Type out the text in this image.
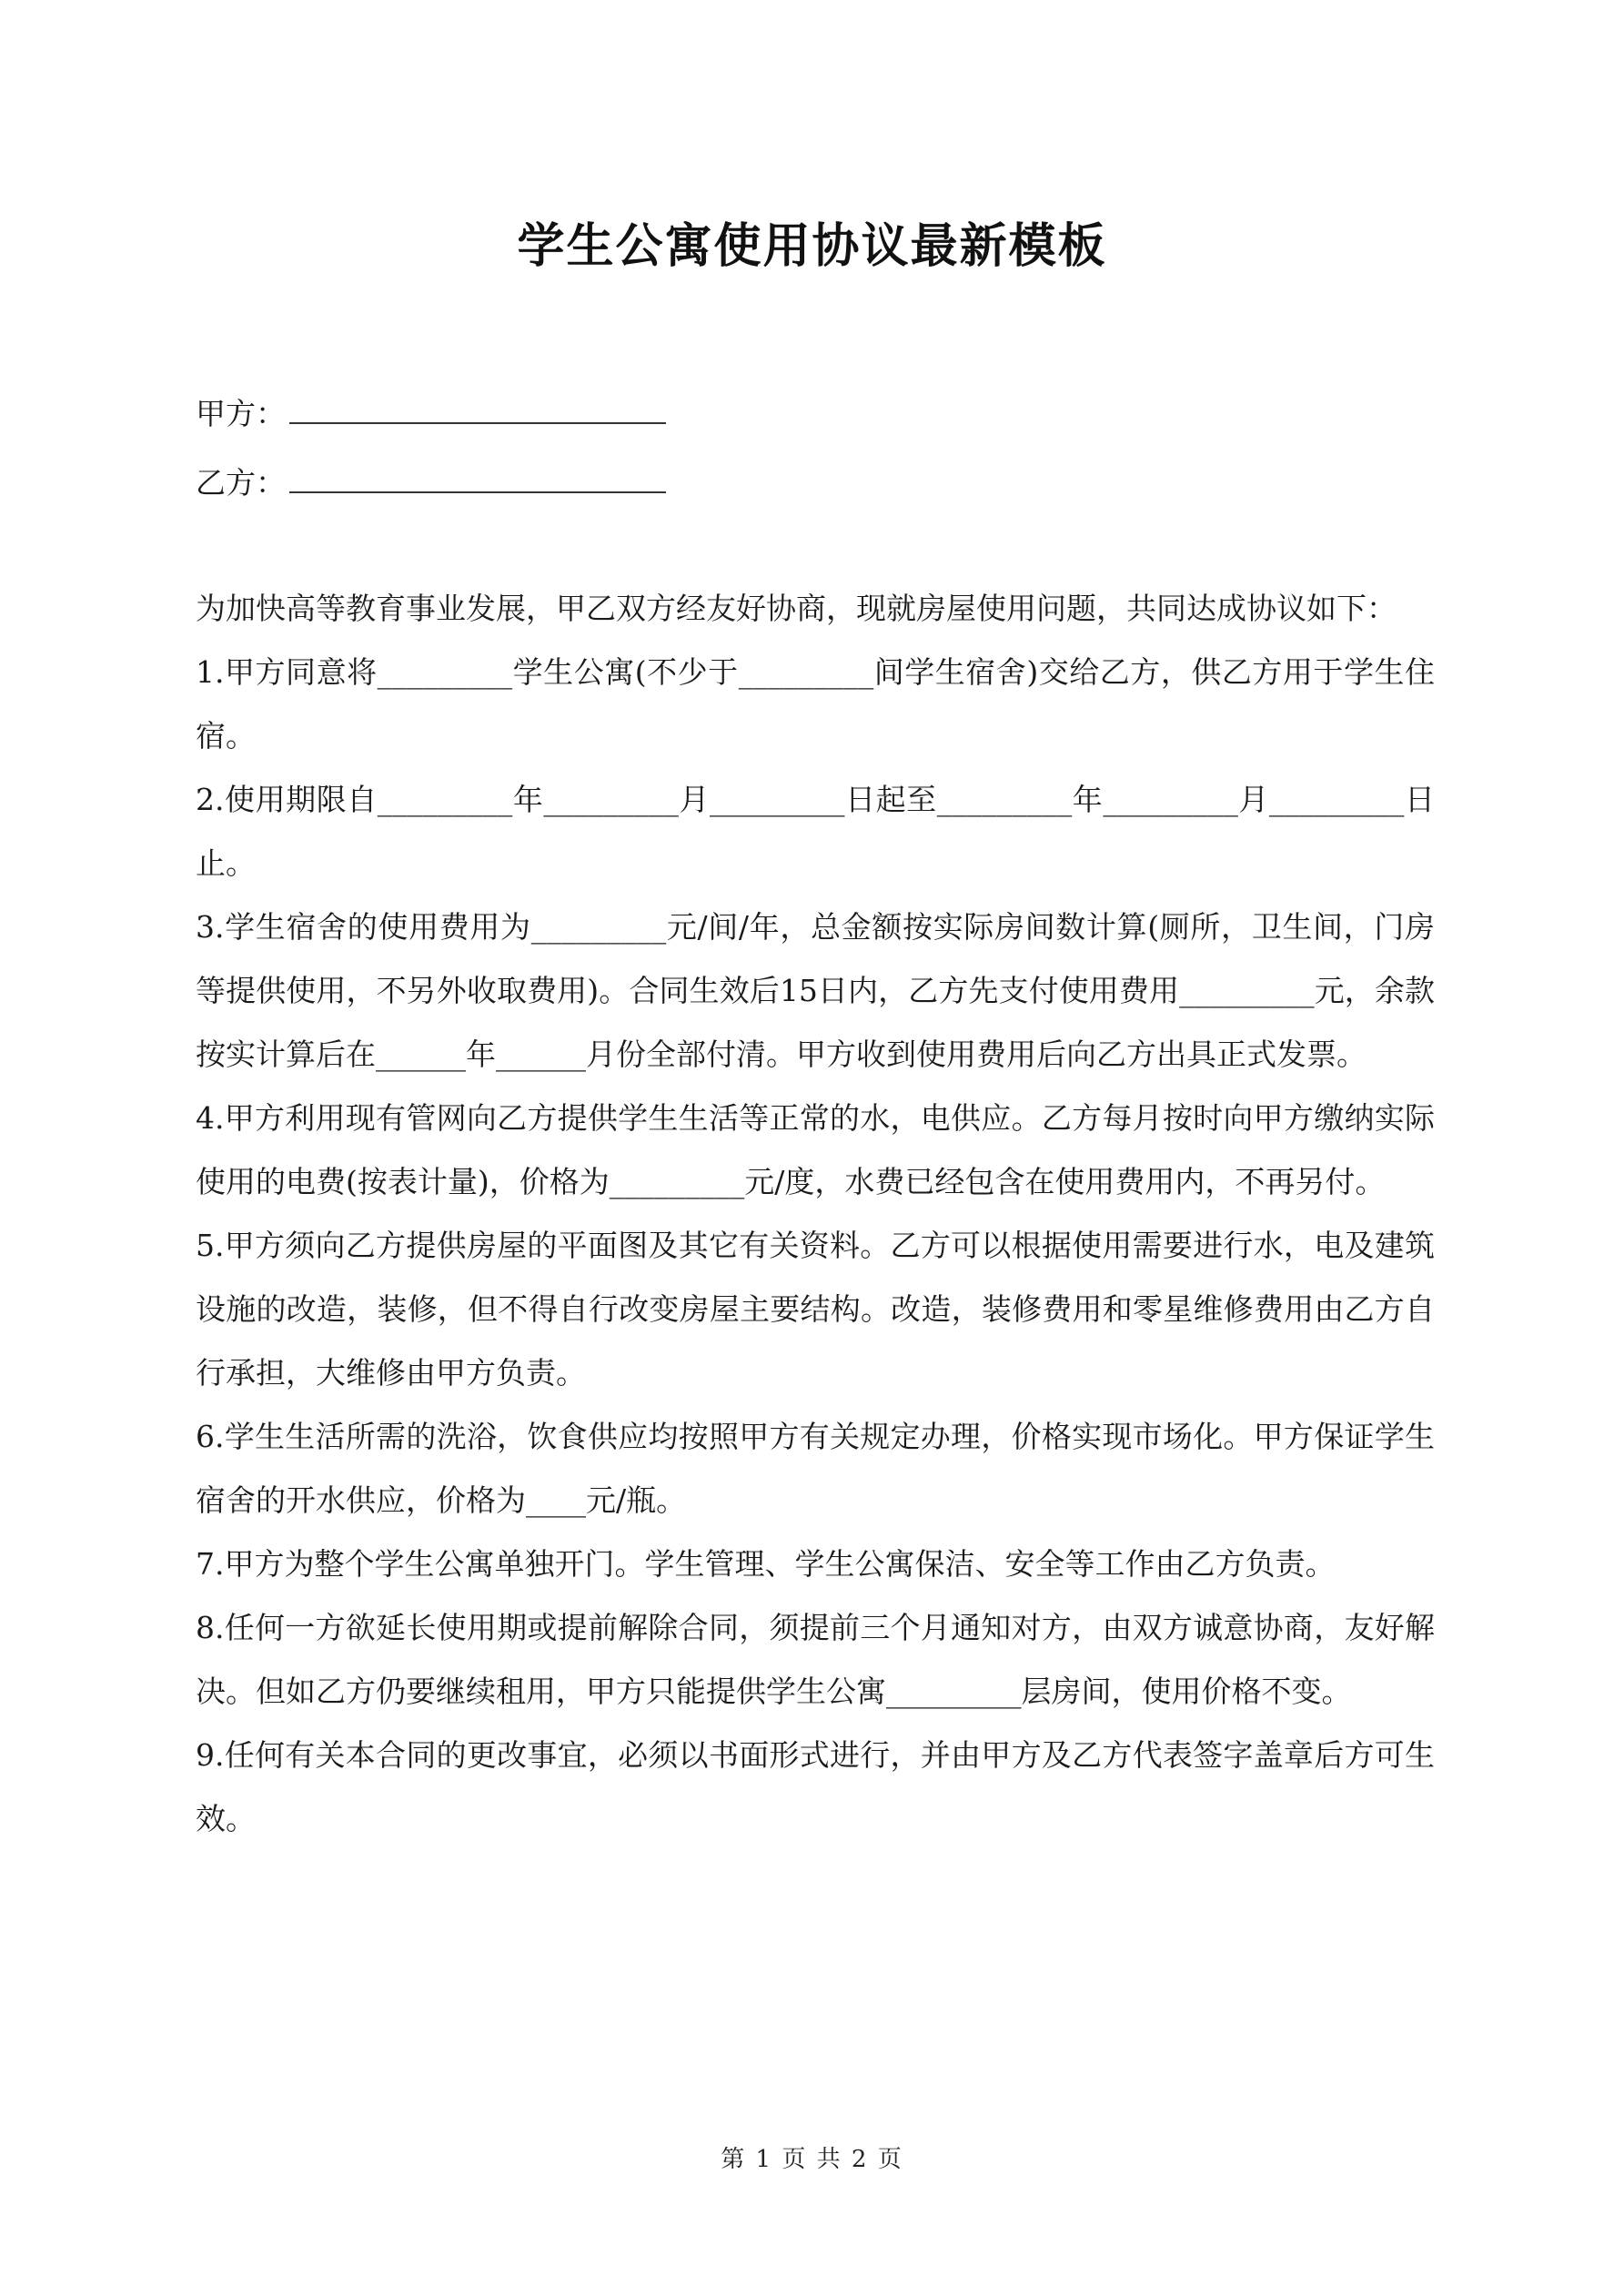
学生公寓使用协议最新模板
甲方：
乙方：

为加快高等教育事业发展，甲乙双方经友好协商，现就房屋使用问题，共同达成协议如下：

1.甲方同意将_________学生公寓(不少于_________间学生宿舍)交给乙方，供乙方用于学生住宿。

2.使用期限自_________年_________月_________日起至_________年_________月_________日止。

3.学生宿舍的使用费用为_________元/间/年，总金额按实际房间数计算(厕所，卫生间，门房等提供使用，不另外收取费用)。合同生效后15日内，乙方先支付使用费用_________元，余款按实计算后在______年______月份全部付清。甲方收到使用费用后向乙方出具正式发票。

4.甲方利用现有管网向乙方提供学生生活等正常的水，电供应。乙方每月按时向甲方缴纳实际使用的电费(按表计量)，价格为_________元/度，水费已经包含在使用费用内，不再另付。

5.甲方须向乙方提供房屋的平面图及其它有关资料。乙方可以根据使用需要进行水，电及建筑设施的改造，装修，但不得自行改变房屋主要结构。改造，装修费用和零星维修费用由乙方自行承担，大维修由甲方负责。

6.学生生活所需的洗浴，饮食供应均按照甲方有关规定办理，价格实现市场化。甲方保证学生宿舍的开水供应，价格为____元/瓶。

7.甲方为整个学生公寓单独开门。学生管理、学生公寓保洁、安全等工作由乙方负责。

8.任何一方欲延长使用期或提前解除合同，须提前三个月通知对方，由双方诚意协商，友好解决。但如乙方仍要继续租用，甲方只能提供学生公寓_________层房间，使用价格不变。

9.任何有关本合同的更改事宜，必须以书面形式进行，并由甲方及乙方代表签字盖章后方可生效。

第 1 页 共 2 页
